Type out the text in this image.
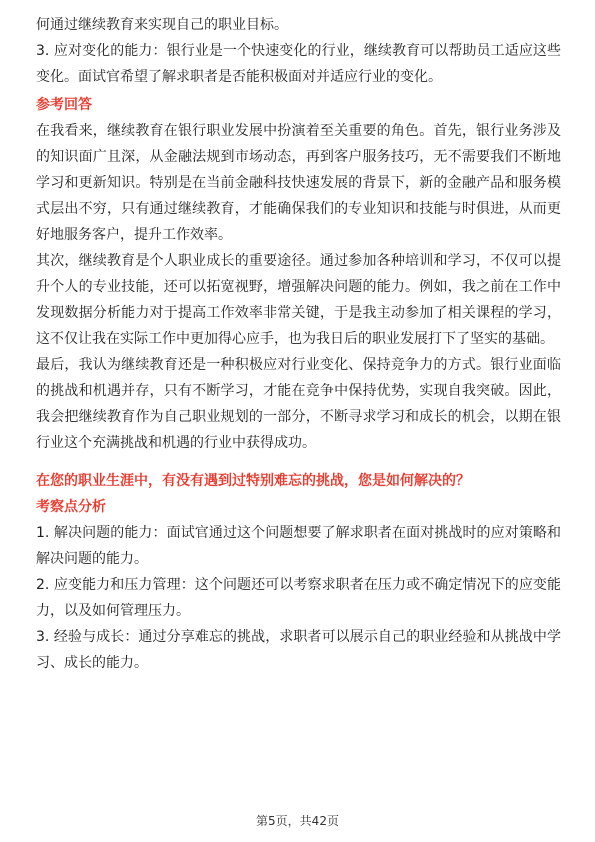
何通过继续教育来实现自己的职业目标。

3. 应对变化的能力：银行业是一个快速变化的行业，继续教育可以帮助员工适应这些变化。面试官希望了解求职者是否能积极面对并适应行业的变化。

参考回答

在我看来，继续教育在银行职业发展中扮演着至关重要的角色。首先，银行业务涉及的知识面广且深，从金融法规到市场动态，再到客户服务技巧，无不需要我们不断地学习和更新知识。特别是在当前金融科技快速发展的背景下，新的金融产品和服务模式层出不穷，只有通过继续教育，才能确保我们的专业知识和技能与时俱进，从而更好地服务客户，提升工作效率。

其次，继续教育是个人职业成长的重要途径。通过参加各种培训和学习，不仅可以提升个人的专业技能，还可以拓宽视野，增强解决问题的能力。例如，我之前在工作中发现数据分析能力对于提高工作效率非常关键，于是我主动参加了相关课程的学习，这不仅让我在实际工作中更加得心应手，也为我日后的职业发展打下了坚实的基础。

最后，我认为继续教育还是一种积极应对行业变化、保持竞争力的方式。银行业面临的挑战和机遇并存，只有不断学习，才能在竞争中保持优势，实现自我突破。因此，我会把继续教育作为自己职业规划的一部分，不断寻求学习和成长的机会，以期在银行业这个充满挑战和机遇的行业中获得成功。

在您的职业生涯中，有没有遇到过特别难忘的挑战，您是如何解决的？
考察点分析

1. 解决问题的能力：面试官通过这个问题想要了解求职者在面对挑战时的应对策略和解决问题的能力。

2. 应变能力和压力管理：这个问题还可以考察求职者在压力或不确定情况下的应变能力，以及如何管理压力。

3. 经验与成长：通过分享难忘的挑战，求职者可以展示自己的职业经验和从挑战中学习、成长的能力。

第5页，共42页
